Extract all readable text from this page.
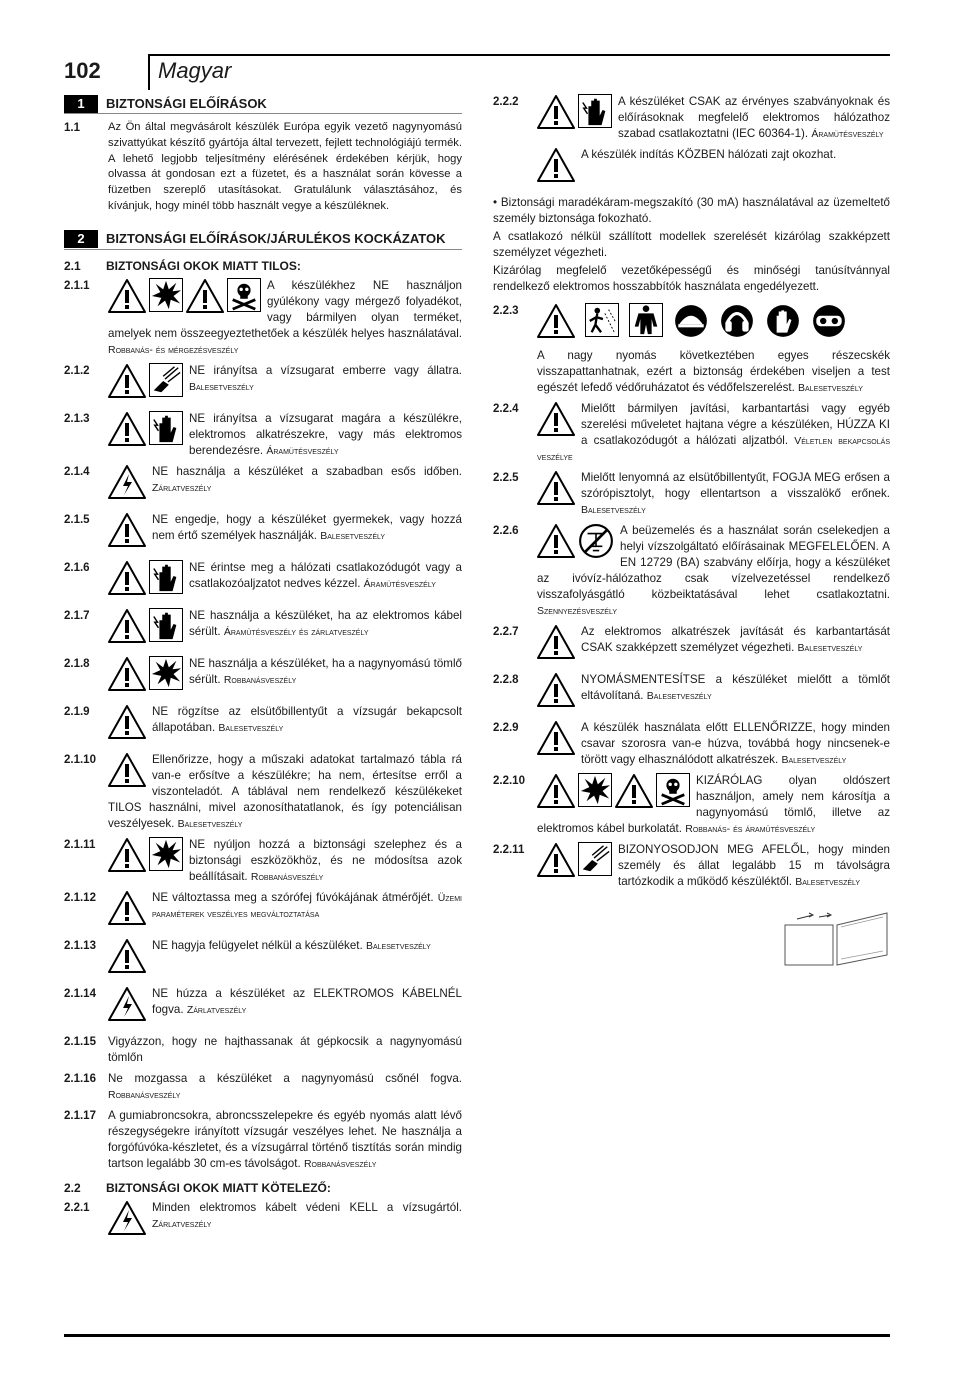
102	Magyar
1	BIZTONSÁGI ELŐÍRÁSOK
1.1	Az Ön által megvásárolt készülék Európa egyik vezető nagynyomású szivattyúkat készítő gyártója által tervezett, fejlett technológiájú termék. A lehető legjobb teljesítmény elérésének érdekében kérjük, hogy olvassa át gondosan ezt a füzetet, és a használat során kövesse a füzetben szereplő utasításokat. Gratulálunk választásához, és kívánjuk, hogy minél több használt vegye a készüléknek.
2	BIZTONSÁGI ELŐÍRÁSOK/JÁRULÉKOS KOCKÁZATOK
2.1	BIZTONSÁGI OKOK MIATT TILOS:
2.1.1	A készülékhez NE használjon gyúlékony vagy mérgező folyadékot, vagy bármilyen olyan terméket, amelyek nem összeegyeztethetőek a készülék helyes használatával. Robbanás- és mérgezésveszély
2.1.2	NE irányítsa a vízsugarat emberre vagy állatra. Balesetveszély
2.1.3	NE irányítsa a vízsugarat magára a készülékre, elektromos alkatrészekre, vagy más elektromos berendezésre. Áramütésveszély
2.1.4	NE használja a készüléket a szabadban esős időben. Zárlatveszély
2.1.5	NE engedje, hogy a készüléket gyermekek, vagy hozzá nem értő személyek használják. Balesetveszély
2.1.6	NE érintse meg a hálózati csatlakozódugót vagy a csatlakozóaljzatot nedves kézzel. Áramütésveszély
2.1.7	NE használja a készüléket, ha az elektromos kábel sérült. Áramütésveszély és zárlatveszély
2.1.8	NE használja a készüléket, ha a nagynyomású tömlő sérült. Robbanásveszély
2.1.9	NE rögzítse az elsütőbillentyűt a vízsugár bekapcsolt állapotában. Balesetveszély
2.1.10	Ellenőrizze, hogy a műszaki adatokat tartalmazó tábla rá van-e erősítve a készülékre; ha nem, értesítse erről a viszonteladót. A táblával nem rendelkező készülékeket TILOS használni, mivel azonosíthatatlanok, és így potenciálisan veszélyesek. Balesetveszély
2.1.11	NE nyúljon hozzá a biztonsági szelephez és a biztonsági eszközökhöz, és ne módosítsa azok beállításait. Robbanásveszély
2.1.12	NE változtassa meg a szórófej fúvókájának átmérőjét. Üzemi paraméterek veszélyes megváltoztatása
2.1.13	NE hagyja felügyelet nélkül a készüléket. Balesetveszély
2.1.14	NE húzza a készüléket az ELEKTROMOS KÁBELNÉL fogva. Zárlatveszély
2.1.15	Vigyázzon, hogy ne hajthassanak át gépkocsik a nagynyomású tömlőn
2.1.16	Ne mozgassa a készüléket a nagynyomású csőnél fogva. Robbanásveszély
2.1.17	A gumiabroncsokra, abroncsszelepekre és egyéb nyomás alatt lévő részegységekre irányított vízsugár veszélyes lehet. Ne használja a forgófúvóka-készletet, és a vízsugárral történő tisztítás során mindig tartson legalább 30 cm-es távolságot. Robbanásveszély
2.2	BIZTONSÁGI OKOK MIATT KÖTELEZŐ:
2.2.1	Minden elektromos kábelt védeni KELL a vízsugártól. Zárlatveszély
2.2.2	A készüléket CSAK az érvényes szabványoknak és előírásoknak megfelelő elektromos hálózathoz szabad csatlakoztatni (IEC 60364-1). Áramütésveszély
A készülék indítás KÖZBEN hálózati zajt okozhat.
• Biztonsági maradékáram-megszakító (30 mA) használatával az üzemeltető személy biztonsága fokozható.
A csatlakozó nélkül szállított modellek szerelését kizárólag szakképzett személyzet végezheti.
Kizárólag megfelelő vezetőképességű és minőségi tanúsítvánnyal rendelkező elektromos hosszabbítók használata engedélyezett.
2.2.3
A nagy nyomás következtében egyes részecskék visszapattanhatnak, ezért a biztonság érdekében viseljen a test egészét lefedő védőruházatot és védőfelszerelést. Balesetveszély
2.2.4	Mielőtt bármilyen javítási, karbantartási vagy egyéb szerelési műveletet hajtana végre a készüléken, HÚZZA KI a csatlakozódugót a hálózati aljzatból. Véletlen bekapcsolás veszélye
2.2.5	Mielőtt lenyomná az elsütőbillentyűt, FOGJA MEG erősen a szórópisztolyt, hogy ellentartson a visszalökő erőnek. Balesetveszély
2.2.6	A beüzemelés és a használat során cselekedjen a helyi vízszolgáltató előírásainak MEGFELELŐEN. A EN 12729 (BA) szabvány előírja, hogy a készüléket az ivóvíz-hálózathoz csak vízelvezetéssel rendelkező visszafolyásgátló közbeiktatásával lehet csatlakoztatni. Szennyezésveszély
2.2.7	Az elektromos alkatrészek javítását és karbantartását CSAK szakképzett személyzet végezheti. Balesetveszély
2.2.8	NYOMÁSMENTESÍTSE a készüléket mielőtt a tömlőt eltávolítaná. Balesetveszély
2.2.9	A készülék használata előtt ELLENŐRIZZE, hogy minden csavar szorosra van-e húzva, továbbá hogy nincsenek-e törött vagy elhasználódott alkatrészek. Balesetveszély
2.2.10	KIZÁRÓLAG olyan oldószert használjon, amely nem károsítja a nagynyomású tömlő, illetve az elektromos kábel burkolatát. Robbanás- és áramütésveszély
2.2.11	BIZONYOSODJON MEG AFELŐL, hogy minden személy és állat legalább 15 m távolságra tartózkodik a működő készüléktől. Balesetveszély
